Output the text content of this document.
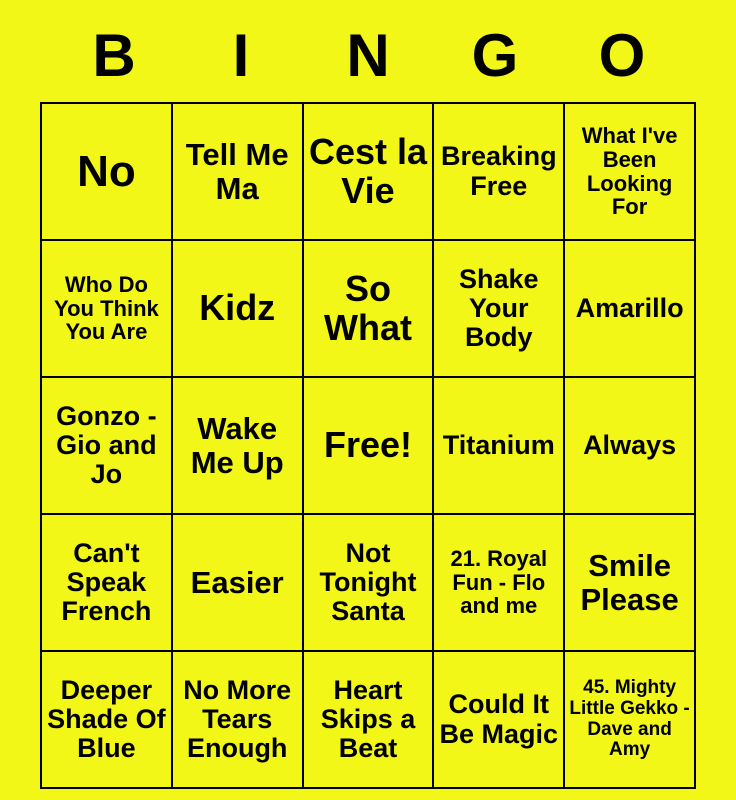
B	I	N	G	O
No	Tell Me Ma	Cest la Vie	Breaking Free	What I've Been Looking For
Who Do You Think You Are	Kidz	So What	Shake Your Body	Amarillo
Gonzo - Gio and Jo	Wake Me Up	Free!	Titanium	Always
Can't Speak French	Easier	Not Tonight Santa	21. Royal Fun - Flo and me	Smile Please
Deeper Shade Of Blue	No More Tears Enough	Heart Skips a Beat	Could It Be Magic	45. Mighty Little Gekko - Dave and Amy
